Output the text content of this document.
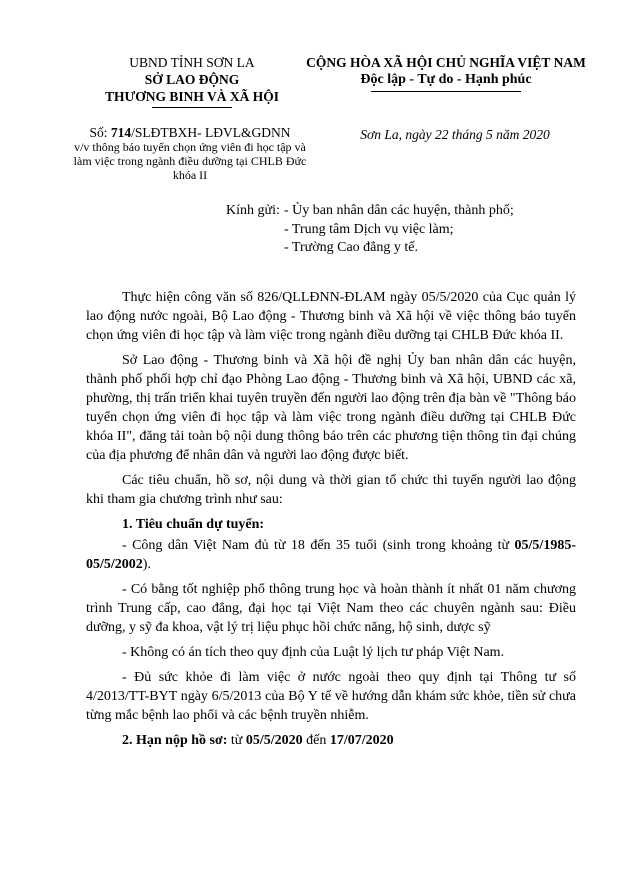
UBND TỈNH SƠN LA
SỞ LAO ĐỘNG
THƯƠNG BINH VÀ XÃ HỘI
CỘNG HÒA XÃ HỘI CHỦ NGHĨA VIỆT NAM
Độc lập - Tự do - Hạnh phúc
Số: 714/SLĐTBXH- LĐVL&GDNN
v/v thông báo tuyển chọn ứng viên đi học tập và làm việc trong ngành điều dưỡng tại CHLB Đức khóa II
Sơn La, ngày 22 tháng 5 năm 2020
Kính gửi: - Ủy ban nhân dân các huyện, thành phố;
- Trung tâm Dịch vụ việc làm;
- Trường Cao đẳng y tế.

Thực hiện công văn số 826/QLLĐNN-ĐLAM ngày 05/5/2020 của Cục quản lý lao động nước ngoài, Bộ Lao động - Thương binh và Xã hội về việc thông báo tuyển chọn ứng viên đi học tập và làm việc trong ngành điều dưỡng tại CHLB Đức khóa II.

Sở Lao động - Thương binh và Xã hội đề nghị Ủy ban nhân dân các huyện, thành phố phối hợp chỉ đạo Phòng Lao động - Thương binh và Xã hội, UBND các xã, phường, thị trấn triển khai tuyên truyền đến người lao động trên địa bàn về "Thông báo tuyển chọn ứng viên đi học tập và làm việc trong ngành điều dưỡng tại CHLB Đức khóa II", đăng tải toàn bộ nội dung thông báo trên các phương tiện thông tin đại chúng của địa phương để nhân dân và người lao động được biết.

Các tiêu chuẩn, hồ sơ, nội dung và thời gian tổ chức thi tuyển người lao động khi tham gia chương trình như sau:

1. Tiêu chuẩn dự tuyển:

- Công dân Việt Nam đủ từ 18 đến 35 tuổi (sinh trong khoảng từ 05/5/1985-05/5/2002).

- Có bằng tốt nghiệp phổ thông trung học và hoàn thành ít nhất 01 năm chương trình Trung cấp, cao đẳng, đại học tại Việt Nam theo các chuyên ngành sau: Điều dưỡng, y sỹ đa khoa, vật lý trị liệu phục hồi chức năng, hộ sinh, dược sỹ

- Không có án tích theo quy định của Luật lý lịch tư pháp Việt Nam.

- Đủ sức khỏe đi làm việc ở nước ngoài theo quy định tại Thông tư số 4/2013/TT-BYT ngày 6/5/2013 của Bộ Y tế về hướng dẫn khám sức khỏe, tiền sử chưa từng mắc bệnh lao phổi và các bệnh truyền nhiễm.

2. Hạn nộp hồ sơ: từ 05/5/2020 đến 17/07/2020
